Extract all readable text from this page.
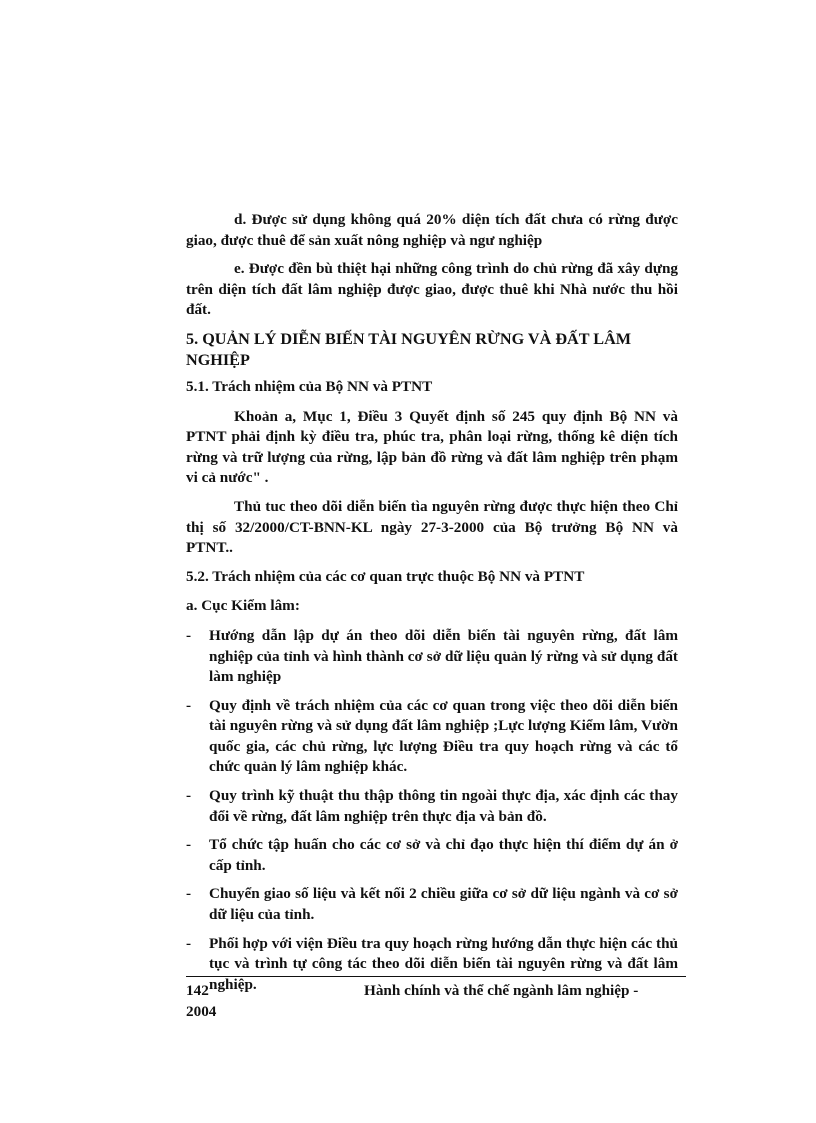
d. Được sử dụng không quá 20% diện tích đất chưa có rừng được giao, được thuê để sản xuất nông nghiệp và ngư nghiệp

e. Được đền bù thiệt hại những công trình do chủ rừng đã xây dựng trên diện tích đất lâm nghiệp được giao, được thuê khi Nhà nước thu hồi đất.

5. QUẢN LÝ DIỄN BIẾN TÀI NGUYÊN RỪNG VÀ ĐẤT LÂM NGHIỆP

5.1. Trách nhiệm của Bộ NN và PTNT

Khoản a, Mục 1, Điều 3 Quyết định số 245 quy định Bộ NN và PTNT phải định kỳ điều tra, phúc tra, phân loại rừng, thống kê diện tích rừng và trữ lượng của rừng, lập bản đồ rừng và đất lâm nghiệp trên phạm vi cả nước" .

Thủ tuc theo dõi diễn biến tìa nguyên rừng được thực hiện theo Chỉ thị số 32/2000/CT-BNN-KL ngày 27-3-2000 của Bộ trưởng Bộ NN và PTNT..

5.2. Trách nhiệm của các cơ quan trực thuộc Bộ NN và PTNT

a. Cục Kiểm lâm:

- Hướng dẫn lập dự án theo dõi diễn biến tài nguyên rừng, đất lâm nghiệp của tỉnh và hình thành cơ sở dữ liệu quản lý rừng và sử dụng đất làm nghiệp
- Quy định về trách nhiệm của các cơ quan trong việc theo dõi diễn biến tài nguyên rừng và sử dụng đất lâm nghiệp ;Lực lượng Kiểm lâm, Vườn quốc gia, các chủ rừng, lực lượng Điều tra quy hoạch rừng và các tổ chức quản lý lâm nghiệp khác.
- Quy trình kỹ thuật thu thập thông tin ngoài thực địa, xác định các thay đổi về rừng, đất lâm nghiệp trên thực địa và bản đồ.
- Tổ chức tập huấn cho các cơ sở và chỉ đạo thực hiện thí điểm dự án ở cấp tỉnh.
- Chuyển giao số liệu và kết nối 2 chiều giữa cơ sở dữ liệu ngành và cơ sở dữ liệu của tỉnh.
- Phối hợp với viện Điều tra quy hoạch rừng hướng dẫn thực hiện các thủ tục và trình tự công tác theo dõi diễn biến tài nguyên rừng và đất lâm nghiệp.
142
2004
Hành chính và thể chế ngành lâm nghiệp -
